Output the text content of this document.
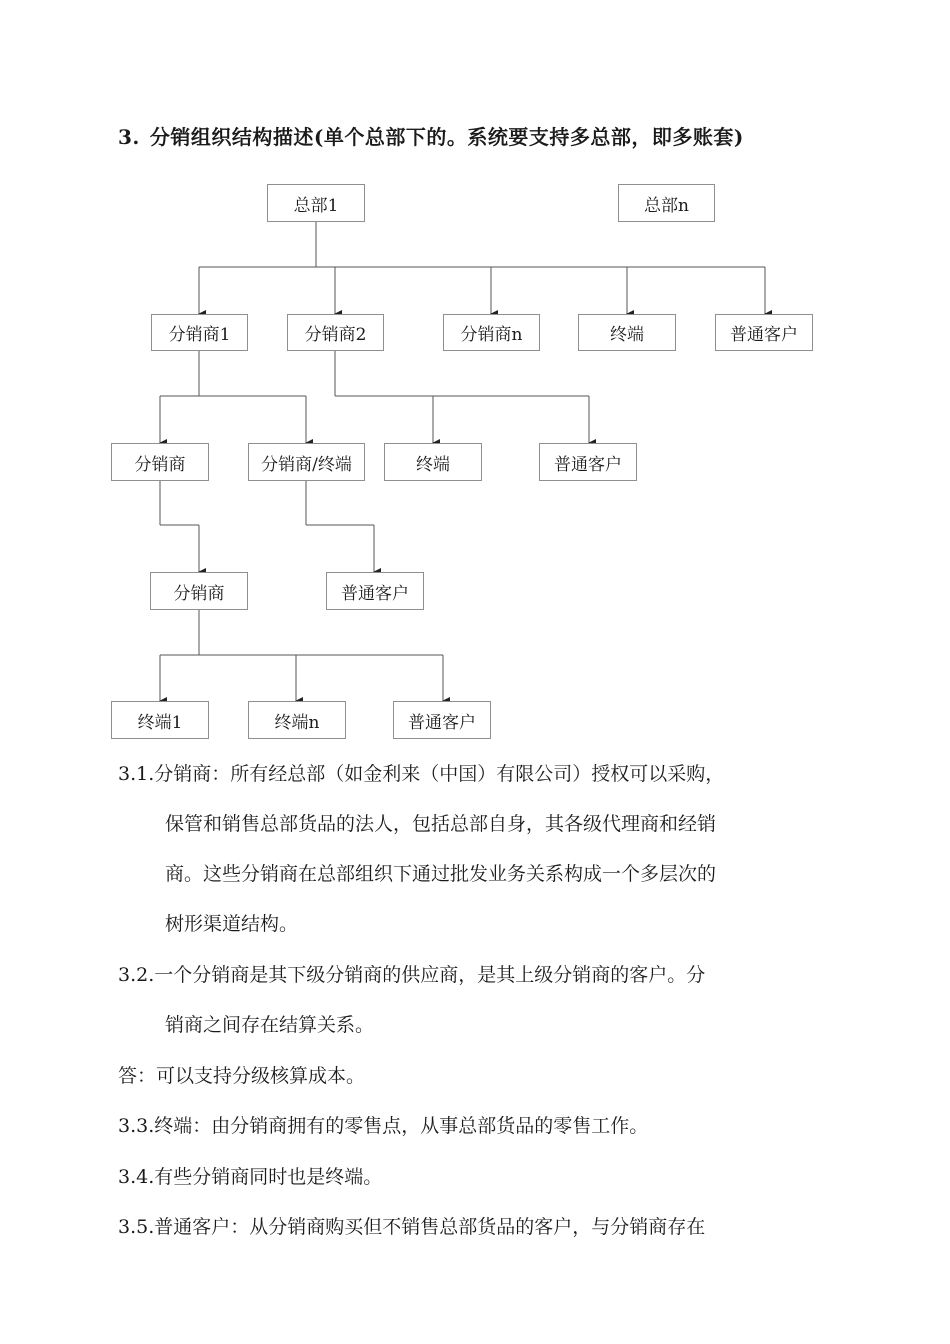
3. 分销组织结构描述(单个总部下的。系统要支持多总部，即多账套)
总部1	总部n
分销商1	分销商2	分销商n	终端	普通客户
分销商	分销商/终端	终端	普通客户
分销商	普通客户
终端1	终端n	普通客户
3.1.分销商：所有经总部（如金利来（中国）有限公司）授权可以采购，
保管和销售总部货品的法人，包括总部自身，其各级代理商和经销
商。这些分销商在总部组织下通过批发业务关系构成一个多层次的
树形渠道结构。
3.2.一个分销商是其下级分销商的供应商，是其上级分销商的客户。分
销商之间存在结算关系。
答：可以支持分级核算成本。
3.3.终端：由分销商拥有的零售点，从事总部货品的零售工作。
3.4.有些分销商同时也是终端。
3.5.普通客户：从分销商购买但不销售总部货品的客户，与分销商存在
